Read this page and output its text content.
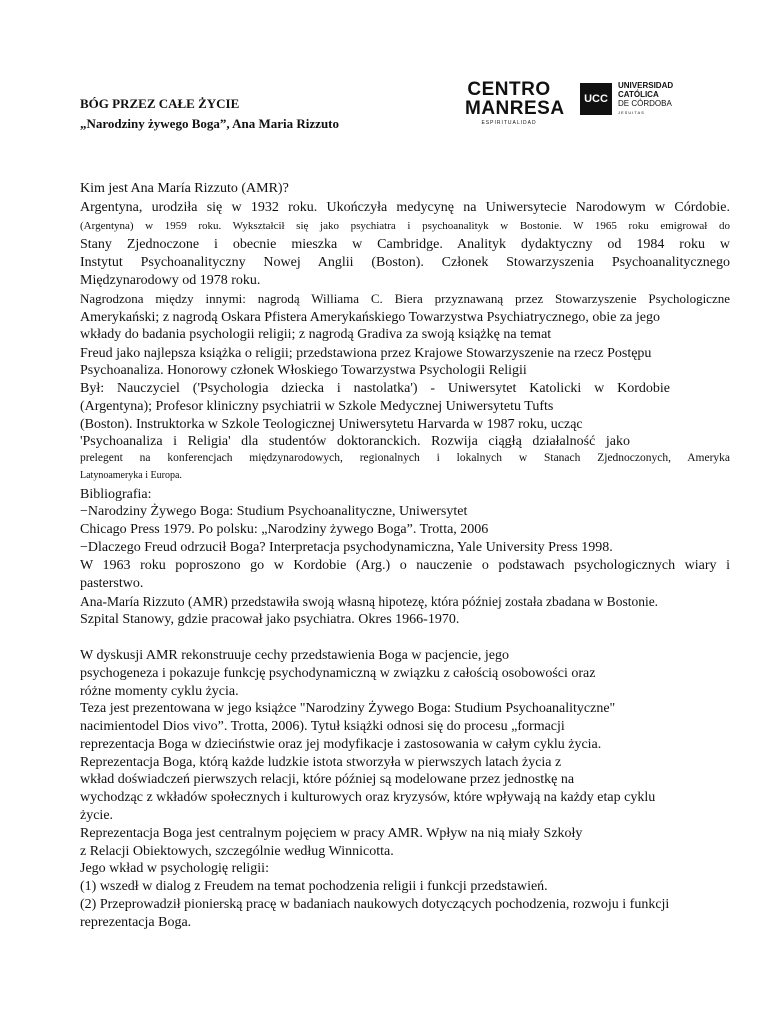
BÓG PRZEZ CAŁE ŻYCIE
„Narodziny żywego Boga”, Ana Maria Rizzuto
CENTRO
MANRESA
ESPIRITUALIDAD
UCC
UNIVERSIDAD
CATÓLICA
DE CÓRDOBA
JESUITAS
Kim jest Ana María Rizzuto (AMR)?
Argentyna, urodziła się w 1932 roku. Ukończyła medycynę na Uniwersytecie Narodowym w Córdobie.
(Argentyna) w 1959 roku. Wykształcił się jako psychiatra i psychoanalityk w Bostonie. W 1965 roku emigrował do
Stany Zjednoczone i obecnie mieszka w Cambridge. Analityk dydaktyczny od 1984 roku w
Instytut Psychoanalityczny Nowej Anglii (Boston). Członek Stowarzyszenia Psychoanalitycznego
Międzynarodowy od 1978 roku.
Nagrodzona między innymi: nagrodą Williama C. Biera przyznawaną przez Stowarzyszenie Psychologiczne
Amerykański; z nagrodą Oskara Pfistera Amerykańskiego Towarzystwa Psychiatrycznego, obie za jego
wkłady do badania psychologii religii; z nagrodą Gradiva za swoją książkę na temat
Freud jako najlepsza książka o religii; przedstawiona przez Krajowe Stowarzyszenie na rzecz Postępu
Psychoanaliza. Honorowy członek Włoskiego Towarzystwa Psychologii Religii
Był: Nauczyciel ('Psychologia dziecka i nastolatka') - Uniwersytet Katolicki w Kordobie
(Argentyna); Profesor kliniczny psychiatrii w Szkole Medycznej Uniwersytetu Tufts
(Boston). Instruktorka w Szkole Teologicznej Uniwersytetu Harvarda w 1987 roku, ucząc
'Psychoanaliza i Religia' dla studentów doktoranckich. Rozwija ciągłą działalność jako
prelegent na konferencjach międzynarodowych, regionalnych i lokalnych w Stanach Zjednoczonych, Ameryka
Latynoameryka i Europa.
Bibliografia:
−Narodziny Żywego Boga: Studium Psychoanalityczne, Uniwersytet
Chicago Press 1979. Po polsku: „Narodziny żywego Boga”. Trotta, 2006
−Dlaczego Freud odrzucił Boga? Interpretacja psychodynamiczna, Yale University Press 1998.
W 1963 roku poproszono go w Kordobie (Arg.) o nauczenie o podstawach psychologicznych wiary i
pasterstwo.
Ana-María Rizzuto (AMR) przedstawiła swoją własną hipotezę, która później została zbadana w Bostonie.
Szpital Stanowy, gdzie pracował jako psychiatra. Okres 1966-1970.
W dyskusji AMR rekonstruuje cechy przedstawienia Boga w pacjencie, jego
psychogeneza i pokazuje funkcję psychodynamiczną w związku z całością osobowości oraz
różne momenty cyklu życia.
Teza jest prezentowana w jego książce "Narodziny Żywego Boga: Studium Psychoanalityczne"
nacimientodel Dios vivo”. Trotta, 2006). Tytuł książki odnosi się do procesu „formacji
reprezentacja Boga w dzieciństwie oraz jej modyfikacje i zastosowania w całym cyklu życia.
Reprezentacja Boga, którą każde ludzkie istota stworzyła w pierwszych latach życia z
wkład doświadczeń pierwszych relacji, które później są modelowane przez jednostkę na
wychodząc z wkładów społecznych i kulturowych oraz kryzysów, które wpływają na każdy etap cyklu
życie.
Reprezentacja Boga jest centralnym pojęciem w pracy AMR. Wpływ na nią miały Szkoły
z Relacji Obiektowych, szczególnie według Winnicotta.
Jego wkład w psychologię religii:
(1) wszedł w dialog z Freudem na temat pochodzenia religii i funkcji przedstawień.
(2) Przeprowadził pionierską pracę w badaniach naukowych dotyczących pochodzenia, rozwoju i funkcji
reprezentacja Boga.
